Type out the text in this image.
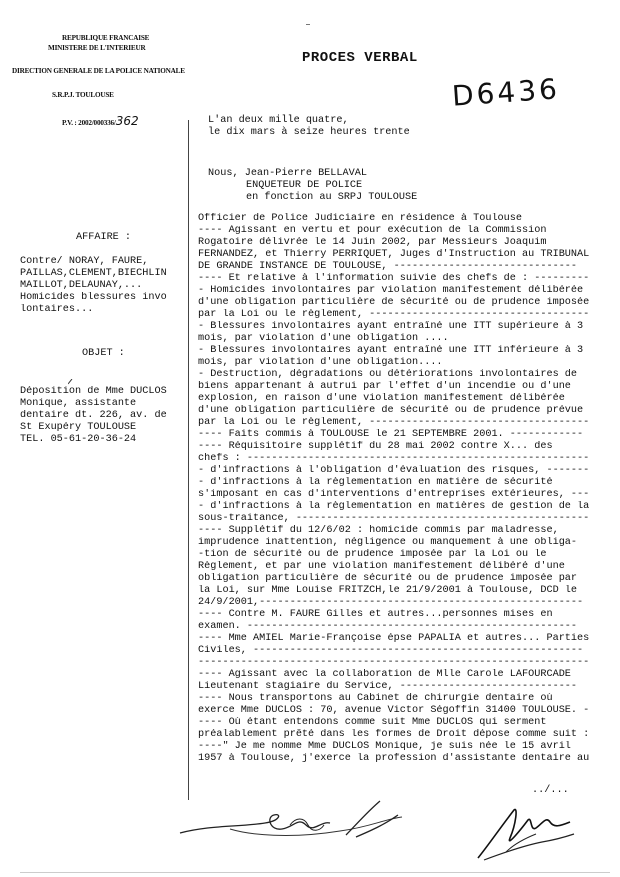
REPUBLIQUE FRANCAISE
MINISTERE DE L'INTERIEUR
DIRECTION GENERALE DE LA POLICE NATIONALE
S.R.P.J. TOULOUSE
P.V. : 2002/000336/362
PROCES VERBAL
D6436
L'an deux mille quatre,
le dix mars à seize heures trente
Nous, Jean-Pierre BELLAVAL
ENQUETEUR DE POLICE
en fonction au SRPJ TOULOUSE
AFFAIRE :
Contre/ NORAY, FAURE,
PAILLAS,CLEMENT,BIECHLIN
MAILLOT,DELAUNAY,...
Homicides blessures invo
lontaires...
OBJET :
Déposition de Mme DUCLOS
Monique, assistante
dentaire dt. 226, av. de
St Exupéry TOULOUSE
TEL. 05-61-20-36-24
Officier de Police Judiciaire en résidence à Toulouse
---- Agissant en vertu et pour exécution de la Commission
Rogatoire délivrée le 14 Juin 2002, par Messieurs Joaquim
FERNANDEZ, et Thierry PERRIQUET, Juges d'Instruction au TRIBUNAL
DE GRANDE INSTANCE DE TOULOUSE, ------------------------------
---- Et relative à l'information suivie des chefs de : ---------
- Homicides involontaires par violation manifestement délibérée
d'une obligation particulière de sécurité ou de prudence imposée
par la Loi ou le règlement, ------------------------------------
- Blessures involontaires ayant entraîné une ITT supérieure à 3
mois, par violation d'une obligation ....
- Blessures involontaires ayant entraîné une ITT inférieure à 3
mois, par violation d'une obligation....
- Destruction, dégradations ou détériorations involontaires de
biens appartenant à autrui par l'effet d'un incendie ou d'une
explosion, en raison d'une violation manifestement délibérée
d'une obligation particulière de sécurité ou de prudence prévue
par la Loi ou le règlement, ------------------------------------
---- Faits commis à TOULOUSE le 21 SEPTEMBRE 2001. ------------
---- Réquisitoire supplétif du 28 mai 2002 contre X... des
chefs : --------------------------------------------------------
- d'infractions à l'obligation d'évaluation des risques, -------
- d'infractions à la règlementation en matière de sécurité
s'imposant en cas d'interventions d'entreprises extérieures, ---
- d'infractions à la règlementation en matières de gestion de la
sous-traitance, ------------------------------------------------
---- Supplétif du 12/6/02 : homicide commis par maladresse,
imprudence inattention, négligence ou manquement à une obliga-
-tion de sécurité ou de prudence imposée par la Loi ou le
Règlement, et par une violation manifestement délibéré d'une
obligation particulière de sécurité ou de prudence imposée par
la Loi, sur Mme Louise FRITZCH,le 21/9/2001 à Toulouse, DCD le
24/9/2001,-----------------------------------------------------
---- Contre M. FAURE Gilles et autres...personnes mises en
examen. ------------------------------------------------------
---- Mme AMIEL Marie-Françoise épse PAPALIA et autres... Parties
Civiles, ------------------------------------------------------
----------------------------------------------------------------
---- Agissant avec la collaboration de Mlle Carole LAFOURCADE
Lieutenant stagiaire du Service, -----------------------------
---- Nous transportons au Cabinet de chirurgie dentaire où
exerce Mme DUCLOS : 70, avenue Victor Ségoffin 31400 TOULOUSE. -
---- Où étant entendons comme suit Mme DUCLOS qui serment
préalablement prêté dans les formes de Droit dépose comme suit :
----" Je me nomme Mme DUCLOS Monique, je suis née le 15 avril
1957 à Toulouse, j'exerce la profession d'assistante dentaire au
../...
